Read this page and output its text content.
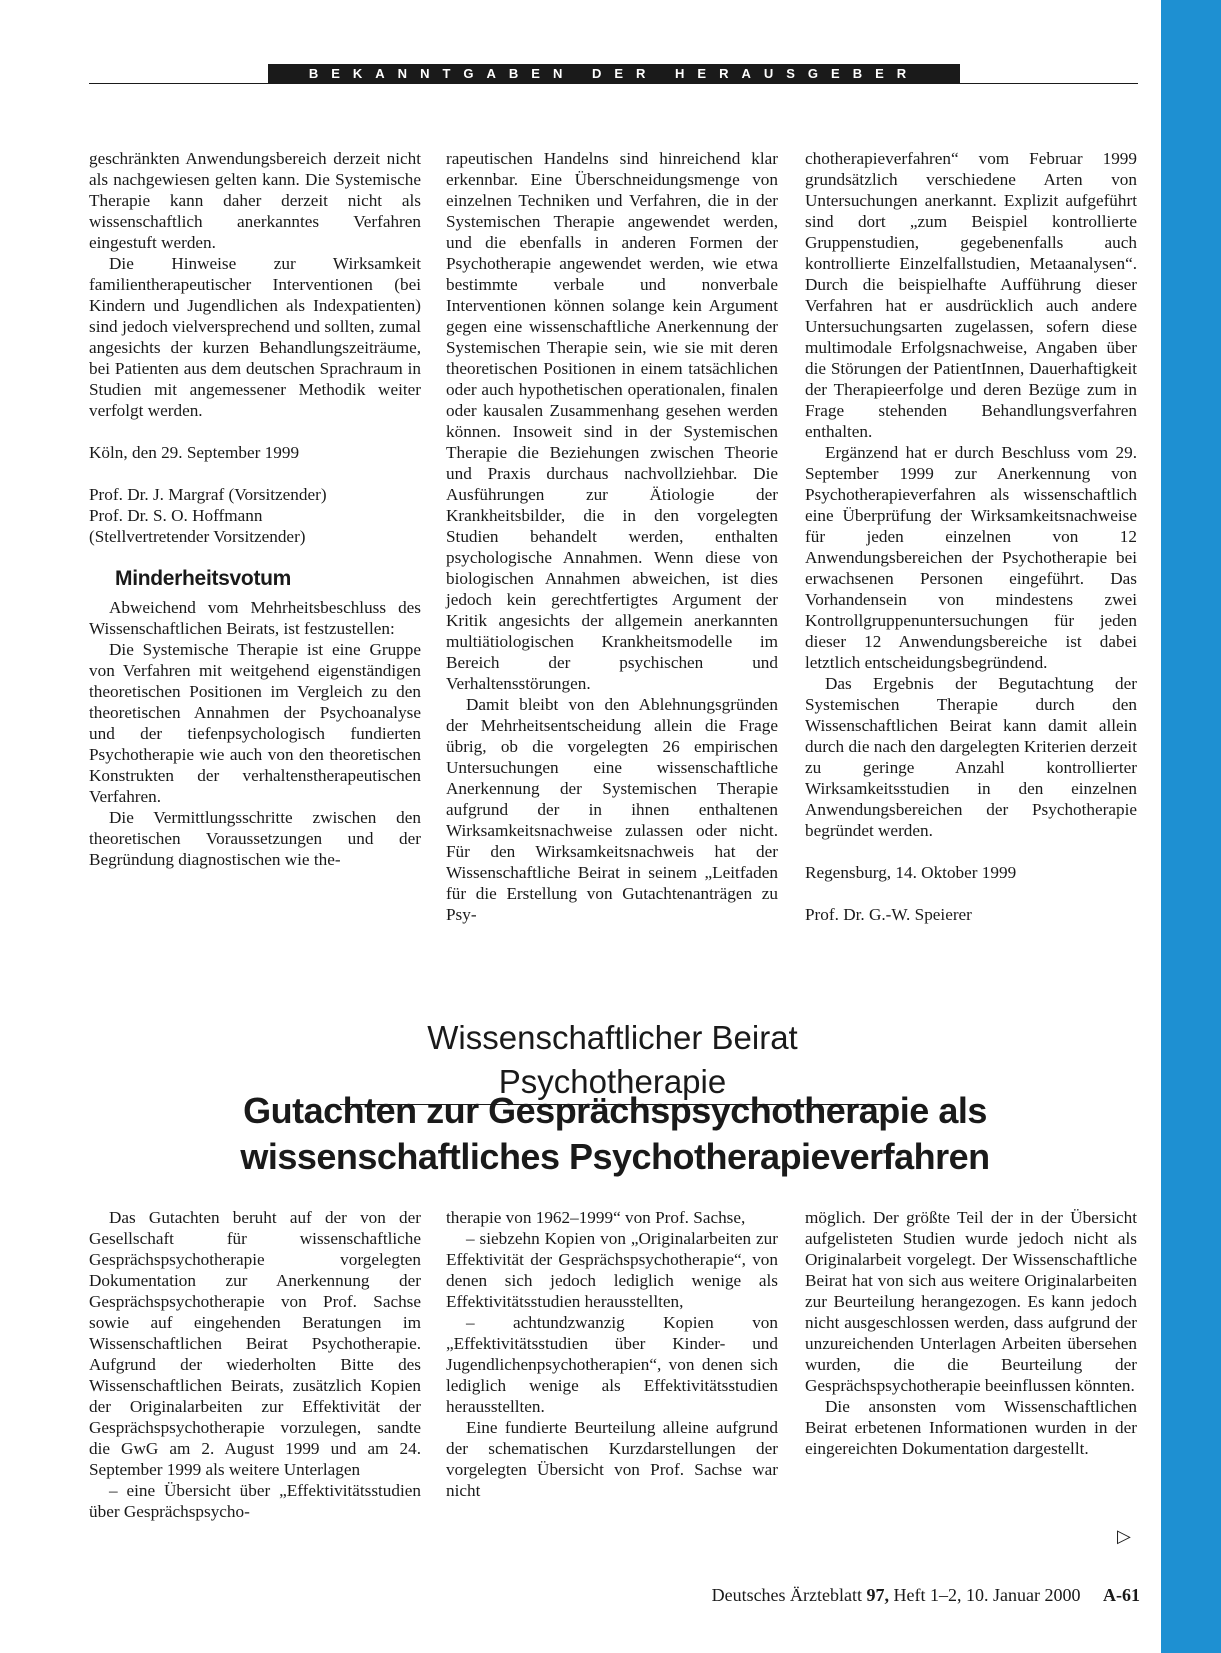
BEKANNTGABEN DER HERAUSGEBER

geschränkten Anwendungsbereich derzeit nicht als nachgewiesen gelten kann. Die Systemische Therapie kann daher derzeit nicht als wissenschaftlich anerkanntes Verfahren eingestuft werden.

Die Hinweise zur Wirksamkeit familientherapeutischer Interventionen (bei Kindern und Jugendlichen als Indexpatienten) sind jedoch vielversprechend und sollten, zumal angesichts der kurzen Behandlungszeiträume, bei Patienten aus dem deutschen Sprachraum in Studien mit angemessener Methodik weiter verfolgt werden.

Köln, den 29. September 1999

Prof. Dr. J. Margraf (Vorsitzender)

Prof. Dr. S. O. Hoffmann

(Stellvertretender Vorsitzender)

Minderheitsvotum

Abweichend vom Mehrheitsbeschluss des Wissenschaftlichen Beirats, ist festzustellen:

Die Systemische Therapie ist eine Gruppe von Verfahren mit weitgehend eigenständigen theoretischen Positionen im Vergleich zu den theoretischen Annahmen der Psychoanalyse und der tiefenpsychologisch fundierten Psychotherapie wie auch von den theoretischen Konstrukten der verhaltenstherapeutischen Verfahren.

Die Vermittlungsschritte zwischen den theoretischen Voraussetzungen und der Begründung diagnostischen wie the-

rapeutischen Handelns sind hinreichend klar erkennbar. Eine Überschneidungsmenge von einzelnen Techniken und Verfahren, die in der Systemischen Therapie angewendet werden, und die ebenfalls in anderen Formen der Psychotherapie angewendet werden, wie etwa bestimmte verbale und nonverbale Interventionen können solange kein Argument gegen eine wissenschaftliche Anerkennung der Systemischen Therapie sein, wie sie mit deren theoretischen Positionen in einem tatsächlichen oder auch hypothetischen operationalen, finalen oder kausalen Zusammenhang gesehen werden können. Insoweit sind in der Systemischen Therapie die Beziehungen zwischen Theorie und Praxis durchaus nachvollziehbar. Die Ausführungen zur Ätiologie der Krankheitsbilder, die in den vorgelegten Studien behandelt werden, enthalten psychologische Annahmen. Wenn diese von biologischen Annahmen abweichen, ist dies jedoch kein gerechtfertigtes Argument der Kritik angesichts der allgemein anerkannten multiätiologischen Krankheitsmodelle im Bereich der psychischen und Verhaltensstörungen.

Damit bleibt von den Ablehnungsgründen der Mehrheitsentscheidung allein die Frage übrig, ob die vorgelegten 26 empirischen Untersuchungen eine wissenschaftliche Anerkennung der Systemischen Therapie aufgrund der in ihnen enthaltenen Wirksamkeitsnachweise zulassen oder nicht. Für den Wirksamkeitsnachweis hat der Wissenschaftliche Beirat in seinem „Leitfaden für die Erstellung von Gutachtenanträgen zu Psy-

chotherapieverfahren“ vom Februar 1999 grundsätzlich verschiedene Arten von Untersuchungen anerkannt. Explizit aufgeführt sind dort „zum Beispiel kontrollierte Gruppenstudien, gegebenenfalls auch kontrollierte Einzelfallstudien, Metaanalysen“. Durch die beispielhafte Aufführung dieser Verfahren hat er ausdrücklich auch andere Untersuchungsarten zugelassen, sofern diese multimodale Erfolgsnachweise, Angaben über die Störungen der PatientInnen, Dauerhaftigkeit der Therapieerfolge und deren Bezüge zum in Frage stehenden Behandlungsverfahren enthalten.

Ergänzend hat er durch Beschluss vom 29. September 1999 zur Anerkennung von Psychotherapieverfahren als wissenschaftlich eine Überprüfung der Wirksamkeitsnachweise für jeden einzelnen von 12 Anwendungsbereichen der Psychotherapie bei erwachsenen Personen eingeführt. Das Vorhandensein von mindestens zwei Kontrollgruppenuntersuchungen für jeden dieser 12 Anwendungsbereiche ist dabei letztlich entscheidungsbegründend.

Das Ergebnis der Begutachtung der Systemischen Therapie durch den Wissenschaftlichen Beirat kann damit allein durch die nach den dargelegten Kriterien derzeit zu geringe Anzahl kontrollierter Wirksamkeitsstudien in den einzelnen Anwendungsbereichen der Psychotherapie begründet werden.

Regensburg, 14. Oktober 1999

Prof. Dr. G.-W. Speierer

Wissenschaftlicher Beirat Psychotherapie
Gutachten zur Gesprächspsychotherapie als
wissenschaftliches Psychotherapieverfahren

Das Gutachten beruht auf der von der Gesellschaft für wissenschaftliche Gesprächspsychotherapie vorgelegten Dokumentation zur Anerkennung der Gesprächspsychotherapie von Prof. Sachse sowie auf eingehenden Beratungen im Wissenschaftlichen Beirat Psychotherapie. Aufgrund der wiederholten Bitte des Wissenschaftlichen Beirats, zusätzlich Kopien der Originalarbeiten zur Effektivität der Gesprächspsychotherapie vorzulegen, sandte die GwG am 2. August 1999 und am 24. September 1999 als weitere Unterlagen

– eine Übersicht über „Effektivitätsstudien über Gesprächspsycho-

therapie von 1962–1999“ von Prof. Sachse,

– siebzehn Kopien von „Originalarbeiten zur Effektivität der Gesprächspsychotherapie“, von denen sich jedoch lediglich wenige als Effektivitätsstudien herausstellten,

– achtundzwanzig Kopien von „Effektivitätsstudien über Kinder- und Jugendlichenpsychotherapien“, von denen sich lediglich wenige als Effektivitätsstudien herausstellten.

Eine fundierte Beurteilung alleine aufgrund der schematischen Kurzdarstellungen der vorgelegten Übersicht von Prof. Sachse war nicht

möglich. Der größte Teil der in der Übersicht aufgelisteten Studien wurde jedoch nicht als Originalarbeit vorgelegt. Der Wissenschaftliche Beirat hat von sich aus weitere Originalarbeiten zur Beurteilung herangezogen. Es kann jedoch nicht ausgeschlossen werden, dass aufgrund der unzureichenden Unterlagen Arbeiten übersehen wurden, die die Beurteilung der Gesprächspsychotherapie beeinflussen könnten.

Die ansonsten vom Wissenschaftlichen Beirat erbetenen Informationen wurden in der eingereichten Dokumentation dargestellt.

▷
Deutsches Ärzteblatt 97, Heft 1–2, 10. Januar 2000 A-61
